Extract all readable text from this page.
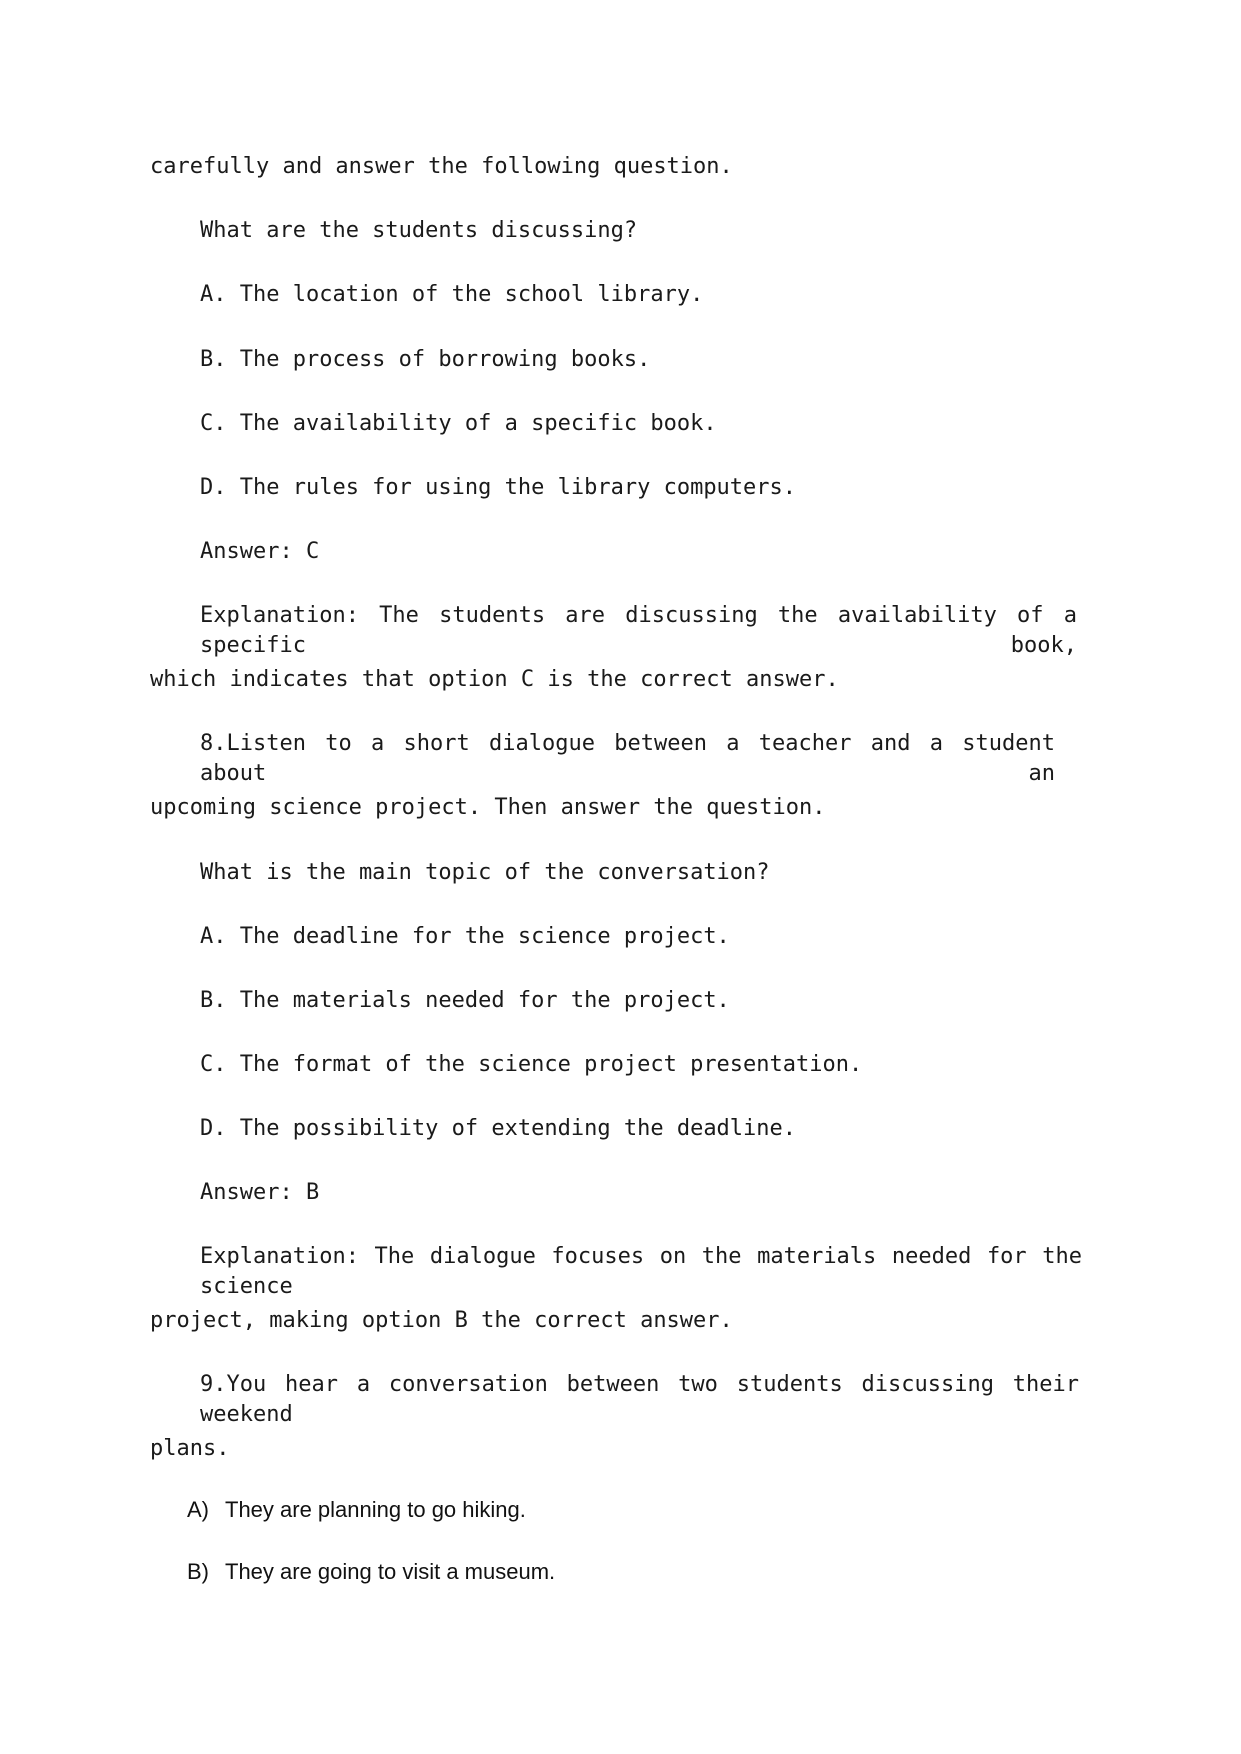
carefully and answer the following question.
What are the students discussing?
A. The location of the school library.
B. The process of borrowing books.
C. The availability of a specific book.
D. The rules for using the library computers.
Answer: C
Explanation: The students are discussing the availability of a specific book,
which indicates that option C is the correct answer.
8.Listen to a short dialogue between a teacher and a student about an
upcoming science project. Then answer the question.
What is the main topic of the conversation?
A. The deadline for the science project.
B. The materials needed for the project.
C. The format of the science project presentation.
D. The possibility of extending the deadline.
Answer: B
Explanation: The dialogue focuses on the materials needed for the science
project, making option B the correct answer.
9.You hear a conversation between two students discussing their weekend
plans.
A) They are planning to go hiking.
B) They are going to visit a museum.
